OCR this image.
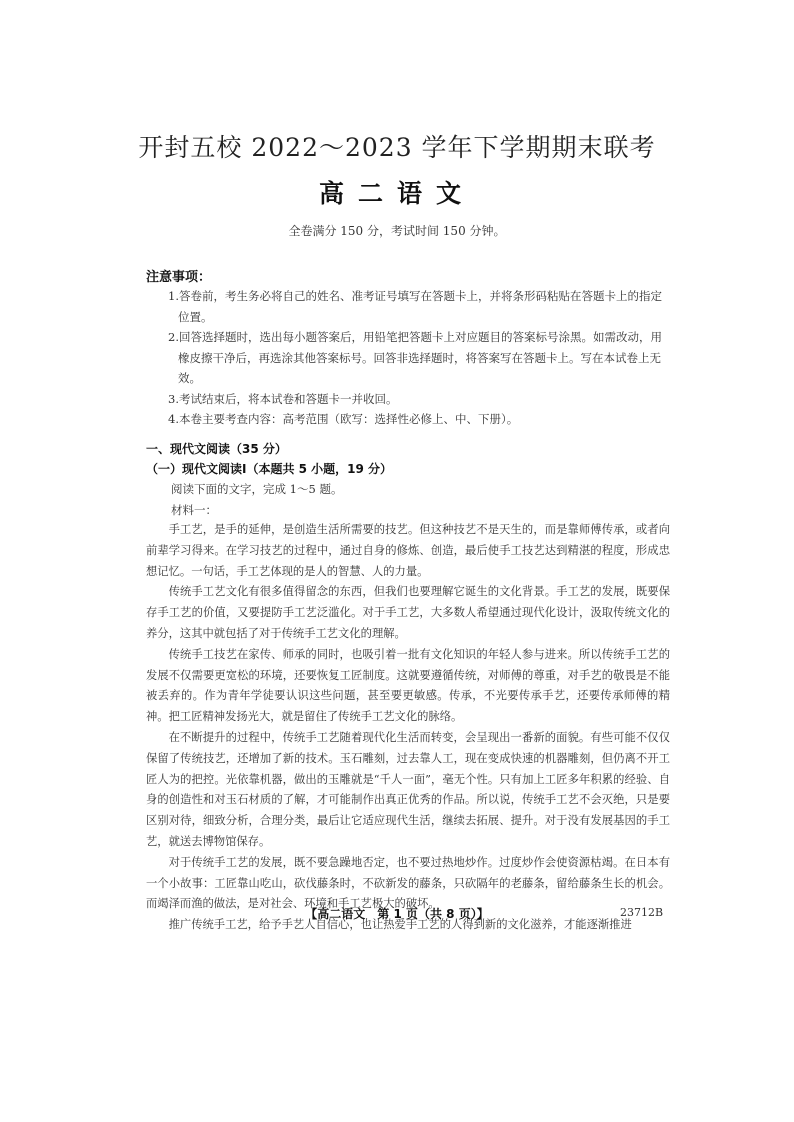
开封五校 2022～2023 学年下学期期末联考
高二语文
全卷满分 150 分，考试时间 150 分钟。
注意事项：
1.答卷前，考生务必将自己的姓名、准考证号填写在答题卡上，并将条形码粘贴在答题卡上的指定位置。
2.回答选择题时，选出每小题答案后，用铅笔把答题卡上对应题目的答案标号涂黑。如需改动，用橡皮擦干净后，再选涂其他答案标号。回答非选择题时，将答案写在答题卡上。写在本试卷上无效。
3.考试结束后，将本试卷和答题卡一并收回。
4.本卷主要考查内容：高考范围（欧写：选择性必修上、中、下册）。
一、现代文阅读（35 分）
（一）现代文阅读Ⅰ（本题共 5 小题，19 分）
阅读下面的文字，完成 1～5 题。
材料一：

手工艺，是手的延伸，是创造生活所需要的技艺。但这种技艺不是天生的，而是靠师傅传承，或者向前辈学习得来。在学习技艺的过程中，通过自身的修炼、创造，最后使手工技艺达到精湛的程度，形成忠想记忆。一句话，手工艺体现的是人的智慧、人的力量。

传统手工艺文化有很多值得留念的东西，但我们也要理解它诞生的文化背景。手工艺的发展，既要保存手工艺的价值，又要提防手工艺泛滥化。对于手工艺，大多数人希望通过现代化设计，汲取传统文化的养分，这其中就包括了对于传统手工艺文化的理解。

传统手工技艺在家传、师承的同时，也吸引着一批有文化知识的年轻人参与进来。所以传统手工艺的发展不仅需要更宽松的环境，还要恢复工匠制度。这就要遵循传统，对师傅的尊重，对手艺的敬畏是不能被丢弃的。作为青年学徒要认识这些问题，甚至要更敏感。传承，不光要传承手艺，还要传承师傅的精神。把工匠精神发扬光大，就是留住了传统手工艺文化的脉络。

在不断提升的过程中，传统手工艺随着现代化生活而转变，会呈现出一番新的面貌。有些可能不仅仅保留了传统技艺，还增加了新的技术。玉石雕刻，过去靠人工，现在变成快速的机器雕刻，但仍离不开工匠人为的把控。光依靠机器，做出的玉雕就是“千人一面”，毫无个性。只有加上工匠多年积累的经验、自身的创造性和对玉石材质的了解，才可能制作出真正优秀的作品。所以说，传统手工艺不会灭绝，只是要区别对待，细致分析，合理分类，最后让它适应现代生活，继续去拓展、提升。对于没有发展基因的手工艺，就送去博物馆保存。

对于传统手工艺的发展，既不要急躁地否定，也不要过热地炒作。过度炒作会使资源枯竭。在日本有一个小故事：工匠靠山吃山，砍伐藤条时，不砍新发的藤条，只砍隔年的老藤条，留给藤条生长的机会。而竭泽而渔的做法，是对社会、环境和手工艺极大的破坏。

推广传统手工艺，给予手艺人自信心，也让热爱手工艺的人得到新的文化滋养，才能逐渐推进

【高二语文　第 1 页（共 8 页）】	23712B
